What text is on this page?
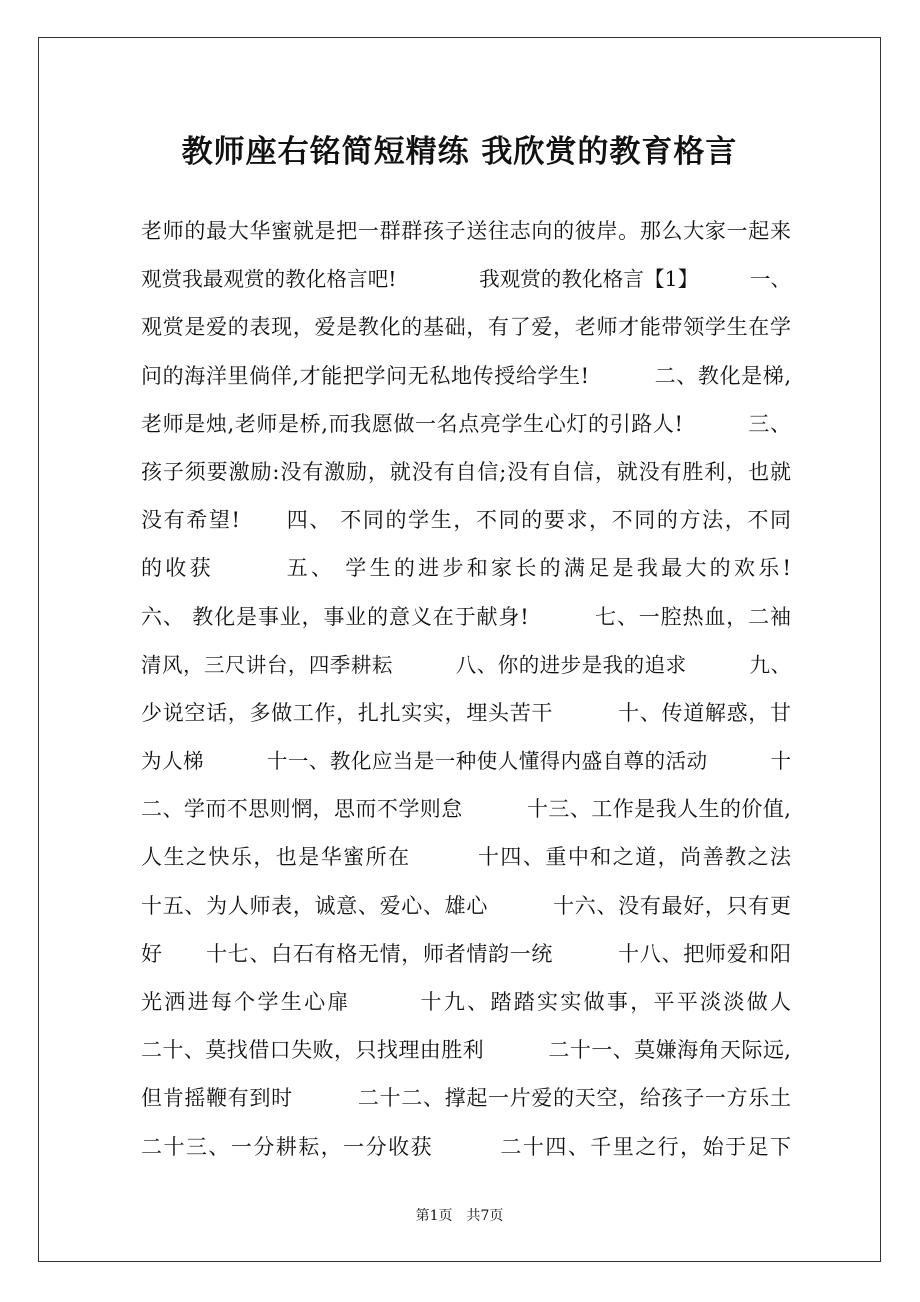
教师座右铭简短精练 我欣赏的教育格言
老师的最大华蜜就是把一群群孩子送往志向的彼岸。那么大家一起来
观赏我最观赏的教化格言吧!　　　　我观赏的教化格言【1】　　　一、
观赏是爱的表现，爱是教化的基础，有了爱，老师才能带领学生在学
问的海洋里倘佯,才能把学问无私地传授给学生!　　　二、教化是梯,
老师是烛,老师是桥,而我愿做一名点亮学生心灯的引路人!　　　三、
孩子须要激励:没有激励，就没有自信;没有自信，就没有胜利，也就
没有希望!　　四、 不同的学生，不同的要求，不同的方法，不同
的收获　　　五、 学生的进步和家长的满足是我最大的欢乐!
六、 教化是事业，事业的意义在于献身!　　　七、一腔热血，二袖
清风，三尺讲台，四季耕耘　　　八、你的进步是我的追求　　　九、
少说空话，多做工作，扎扎实实，埋头苦干　　　十、传道解惑，甘
为人梯　　　十一、教化应当是一种使人懂得内盛自尊的活动　　　十
二、学而不思则惘，思而不学则怠　　　十三、工作是我人生的价值,
人生之快乐，也是华蜜所在　　　十四、重中和之道，尚善教之法
十五、为人师表，诚意、爱心、雄心　　　十六、没有最好，只有更
好　　十七、白石有格无情，师者情韵一统　　　十八、把师爱和阳
光洒进每个学生心扉　　　十九、踏踏实实做事，平平淡淡做人
二十、莫找借口失败，只找理由胜利　　　二十一、莫嫌海角天际远,
但肯摇鞭有到时　　　二十二、撑起一片爱的天空，给孩子一方乐土
二十三、一分耕耘，一分收获　　　二十四、千里之行，始于足下
第1页　共7页
